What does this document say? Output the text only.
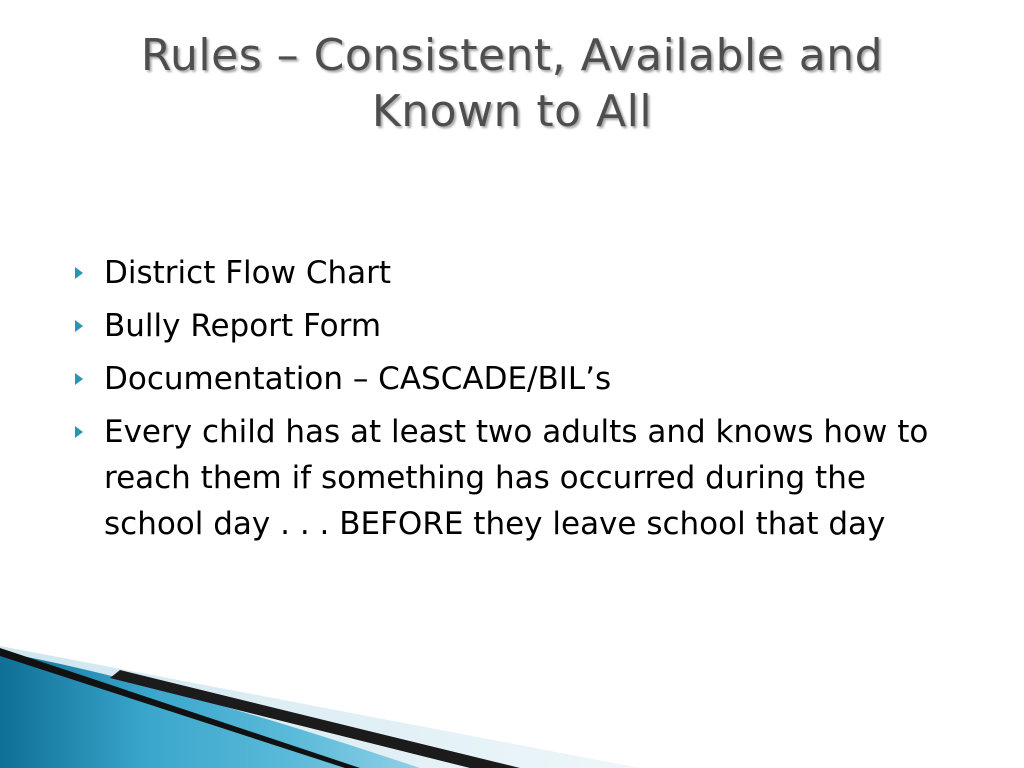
Rules – Consistent, Available and Known to All
District Flow Chart
Bully Report Form
Documentation – CASCADE/BIL’s
Every child has at least two adults and knows how to reach them if something has occurred during the school day . . . BEFORE they leave school that day
